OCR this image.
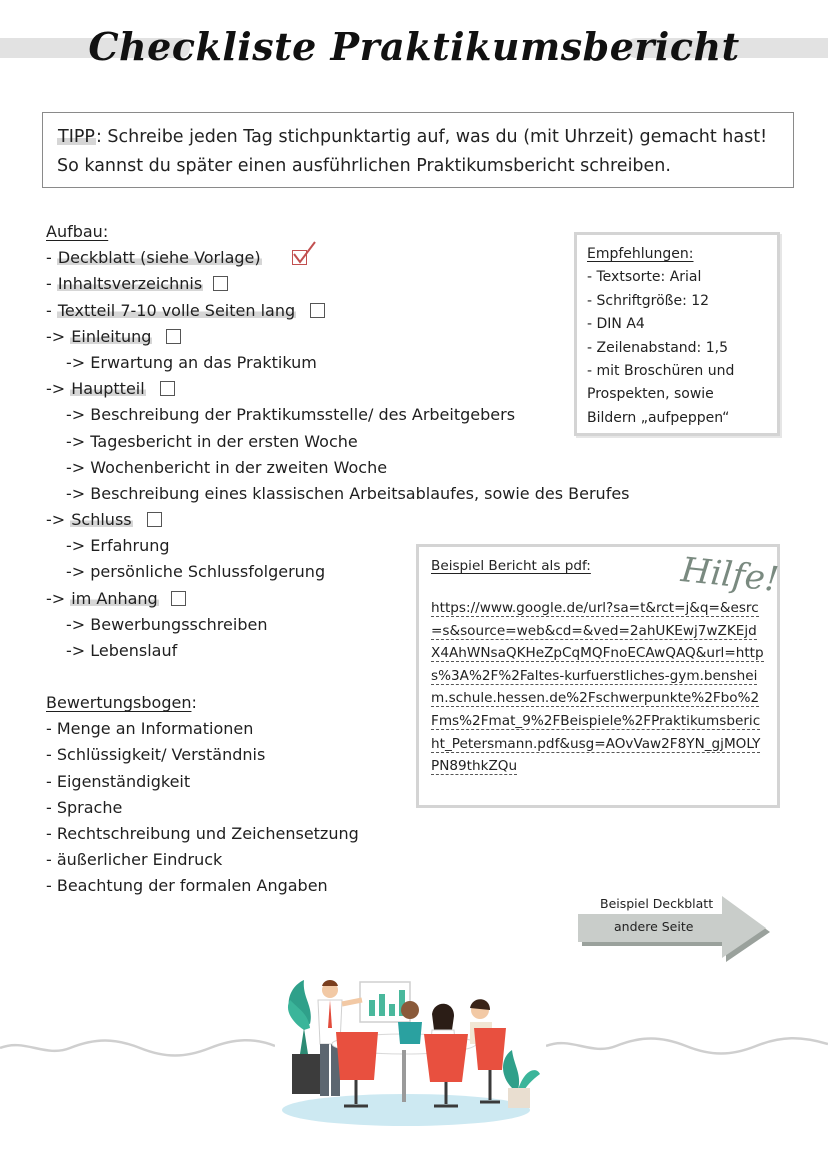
Checkliste Praktikumsbericht
TIPP: Schreibe jeden Tag stichpunktartig auf, was du (mit Uhrzeit) gemacht hast!
So kannst du später einen ausführlichen Praktikumsbericht schreiben.
Aufbau:
- Deckblatt (siehe Vorlage)
- Inhaltsverzeichnis
- Textteil 7-10 volle Seiten lang
-> Einleitung
-> Erwartung an das Praktikum
-> Hauptteil
-> Beschreibung der Praktikumsstelle/ des Arbeitgebers
-> Tagesbericht in der ersten Woche
-> Wochenbericht in der zweiten Woche
-> Beschreibung eines klassischen Arbeitsablaufes, sowie des Berufes
-> Schluss
-> Erfahrung
-> persönliche Schlussfolgerung
-> im Anhang
-> Bewerbungsschreiben
-> Lebenslauf
Bewertungsbogen:
- Menge an Informationen
- Schlüssigkeit/ Verständnis
- Eigenständigkeit
- Sprache
- Rechtschreibung und Zeichensetzung
- äußerlicher Eindruck
- Beachtung der formalen Angaben
Empfehlungen:
- Textsorte: Arial
- Schriftgröße: 12
- DIN A4
- Zeilenabstand: 1,5
- mit Broschüren und Prospekten, sowie Bildern „aufpeppen“
Beispiel Bericht als pdf:	Hilfe!
https://www.google.de/url?sa=t&rct=j&q=&esrc=s&source=web&cd=&ved=2ahUKEwj7wZKEjdX4AhWNsaQKHeZpCqMQFnoECAwQAQ&url=https%3A%2F%2Faltes-kurfuerstliches-gym.bensheim.schule.hessen.de%2Fschwerpunkte%2Fbo%2Fms%2Fmat_9%2FBeispiele%2FPraktikumsbericht_Petersmann.pdf&usg=AOvVaw2F8YN_gjMOLYPN89thkZQu
Beispiel Deckblatt
andere Seite
